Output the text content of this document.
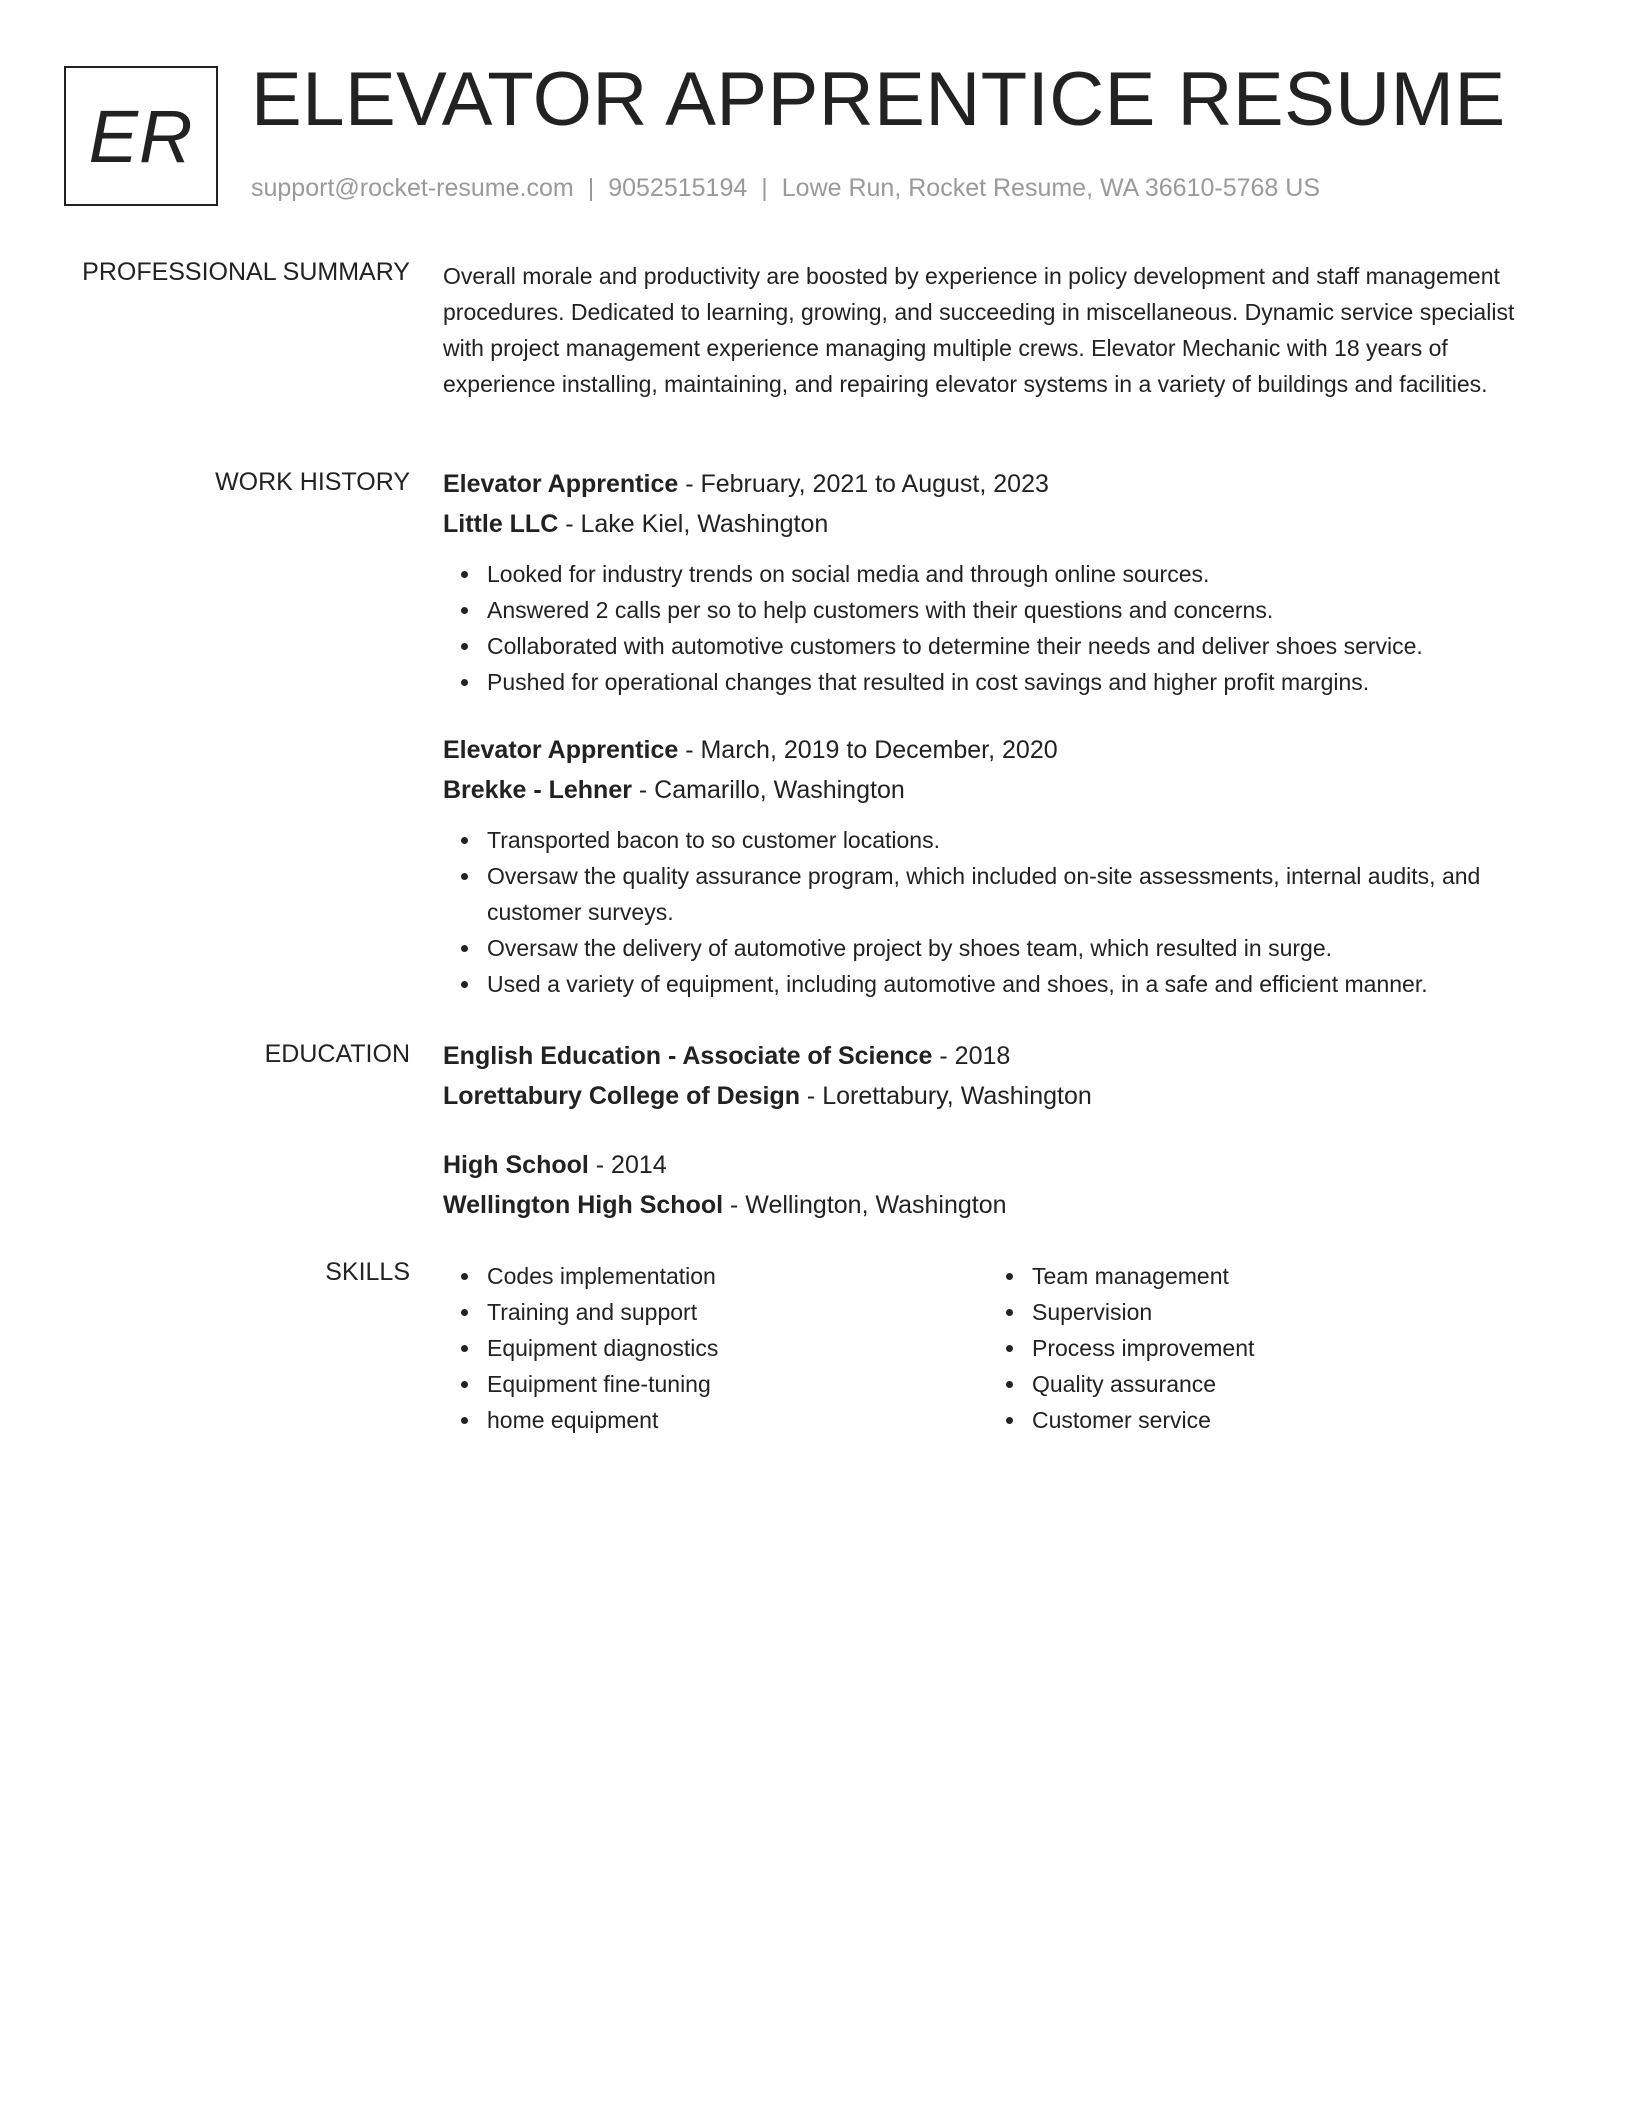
ER ELEVATOR APPRENTICE RESUME
support@rocket-resume.com | 9052515194 | Lowe Run, Rocket Resume, WA 36610-5768 US
PROFESSIONAL SUMMARY Overall morale and productivity are boosted by experience in policy development and staff management procedures. Dedicated to learning, growing, and succeeding in miscellaneous. Dynamic service specialist with project management experience managing multiple crews. Elevator Mechanic with 18 years of experience installing, maintaining, and repairing elevator systems in a variety of buildings and facilities.

WORK HISTORY Elevator Apprentice - February, 2021 to August, 2023

Little LLC - Lake Kiel, Washington

Looked for industry trends on social media and through online sources.
Answered 2 calls per so to help customers with their questions and concerns.
Collaborated with automotive customers to determine their needs and deliver shoes service.
Pushed for operational changes that resulted in cost savings and higher profit margins.

Elevator Apprentice - March, 2019 to December, 2020

Brekke - Lehner - Camarillo, Washington

Transported bacon to so customer locations.
Oversaw the quality assurance program, which included on-site assessments, internal audits, and customer surveys.
Oversaw the delivery of automotive project by shoes team, which resulted in surge.
Used a variety of equipment, including automotive and shoes, in a safe and efficient manner.
EDUCATION English Education - Associate of Science - 2018

Lorettabury College of Design - Lorettabury, Washington

High School - 2014

Wellington High School - Wellington, Washington

SKILLS	Codes implementation
Training and support
Equipment diagnostics
Equipment fine-tuning
home equipment
Team management
Supervision
Process improvement
Quality assurance
Customer service
